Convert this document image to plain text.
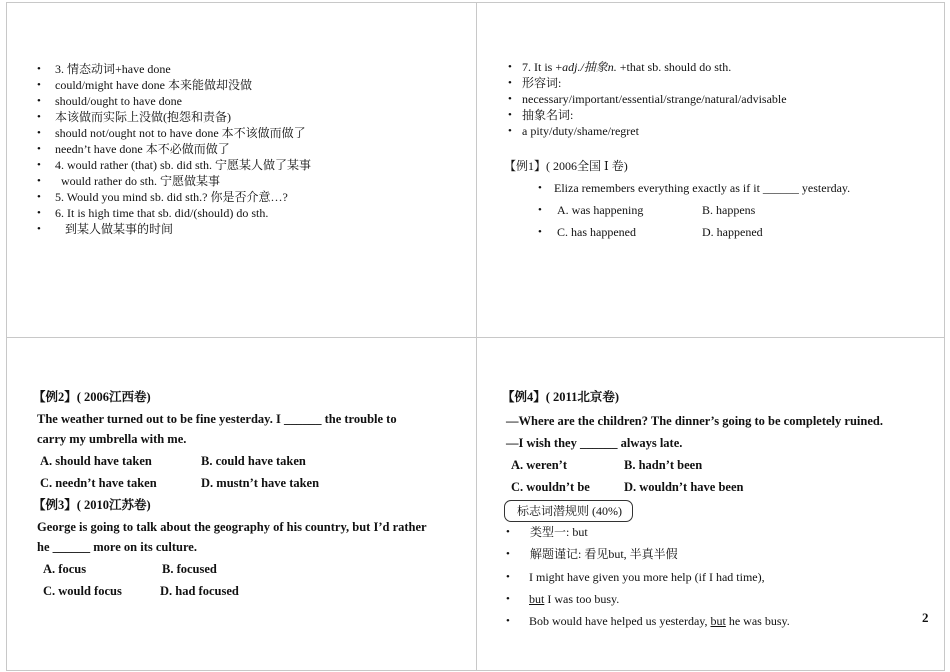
• 3. 情态动词+have done
• could/might have done 本来能做却没做
• should/ought to have done
• 本该做而实际上没做(抱怨和责备)
• should not/ought not to have done 本不该做而做了
• needn’t have done 本不必做而做了
• 4. would rather (that) sb. did sth. 宁愿某人做了某事
• would rather do sth. 宁愿做某事
• 5. Would you mind sb. did sth.? 你是否介意…?
• 6. It is high time that sb. did/(should) do sth.
• 到某人做某事的时间
• 7. It is +adj./抽象n. +that sb. should do sth.
• 形容词:
• necessary/important/essential/strange/natural/advisable
• 抽象名词:
• a pity/duty/shame/regret
【例1】( 2006全国 Ⅰ 卷)
• Eliza remembers everything exactly as if it ______ yesterday.
• A. was happening	B. happens
• C. has happened	D. happened
【例2】( 2006江西卷)
The weather turned out to be fine yesterday. I ______ the trouble to
carry my umbrella with me.
A. should have taken	B. could have taken
C. needn’t have taken	D. mustn’t have taken
【例3】( 2010江苏卷)
George is going to talk about the geography of his country, but I’d rather
he ______ more on its culture.
A. focus	B. focused
C. would focus	D. had focused
【例4】( 2011北京卷)
—Where are the children? The dinner’s going to be completely ruined.
—I wish they ______ always late.
A. weren’t	B. hadn’t been
C. wouldn’t be	D. wouldn’t have been
标志词潜规则 (40%)
• 类型一: but
• 解题谨记: 看见but, 半真半假
• I might have given you more help (if I had time),
• but I was too busy.
• Bob would have helped us yesterday, but he was busy.	2
